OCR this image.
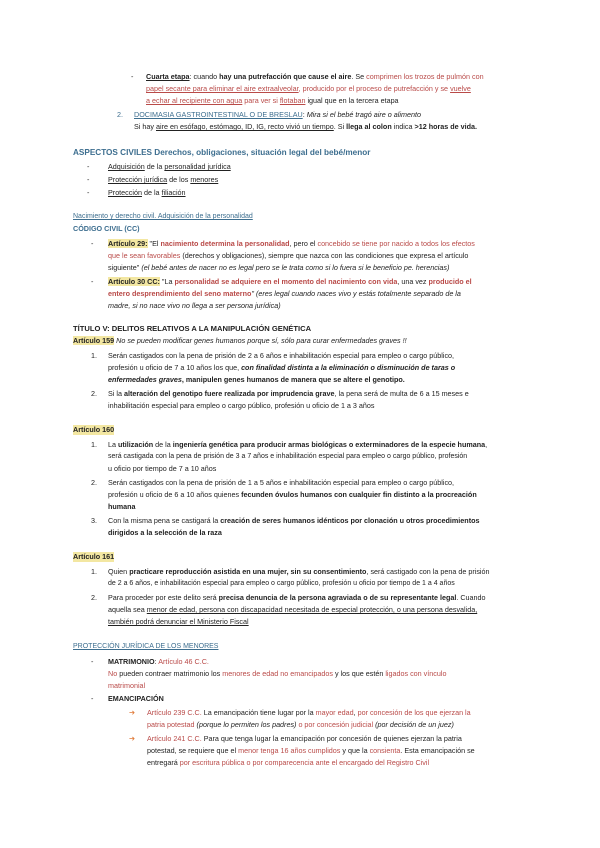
- Cuarta etapa: cuando hay una putrefacción que cause el aire. Se comprimen los trozos de pulmón con
papel secante para eliminar el aire extraalveolar, producido por el proceso de putrefacción y se vuelve
a echar al recipiente con agua para ver si flotaban igual que en la tercera etapa
2. DOCIMASIA GASTROINTESTINAL O DE BRESLAU: Mira si el bebé tragó aire o alimento
Si hay aire en esófago, estómago, ID, IG, recto vivió un tiempo. Si llega al colon indica >12 horas de vida.
ASPECTOS CIVILES Derechos, obligaciones, situación legal del bebé/menor
-	Adquisición de la personalidad jurídica
-	Protección jurídica de los menores
-	Protección de la filiación
Nacimiento y derecho civil. Adquisición de la personalidad
CÓDIGO CIVIL (CC)
- Artículo 29: "El nacimiento determina la personalidad, pero el concebido se tiene por nacido a todos los efectos
que le sean favorables (derechos y obligaciones), siempre que nazca con las condiciones que expresa el artículo
siguiente" (el bebé antes de nacer no es legal pero se le trata como si lo fuera si le beneficio pe. herencias)
- Artículo 30 CC: "La personalidad se adquiere en el momento del nacimiento con vida, una vez producido el
entero desprendimiento del seno materno" (eres legal cuando naces vivo y estás totalmente separado de la
madre, si no nace vivo no llega a ser persona jurídica)
TÍTULO V: DELITOS RELATIVOS A LA MANIPULACIÓN GENÉTICA
Artículo 159 No se pueden modificar genes humanos porque sí, sólo para curar enfermedades graves !!
1. Serán castigados con la pena de prisión de 2 a 6 años e inhabilitación especial para empleo o cargo público,
profesión u oficio de 7 a 10 años los que, con finalidad distinta a la eliminación o disminución de taras o
enfermedades graves, manipulen genes humanos de manera que se altere el genotipo.
2. Si la alteración del genotipo fuere realizada por imprudencia grave, la pena será de multa de 6 a 15 meses e
inhabilitación especial para empleo o cargo público, profesión u oficio de 1 a 3 años
Artículo 160
1. La utilización de la ingeniería genética para producir armas biológicas o exterminadores de la especie humana,
será castigada con la pena de prisión de 3 a 7 años e inhabilitación especial para empleo o cargo público, profesión
u oficio por tiempo de 7 a 10 años
2. Serán castigados con la pena de prisión de 1 a 5 años e inhabilitación especial para empleo o cargo público,
profesión u oficio de 6 a 10 años quienes fecunden óvulos humanos con cualquier fin distinto a la procreación
humana
3. Con la misma pena se castigará la creación de seres humanos idénticos por clonación u otros procedimientos
dirigidos a la selección de la raza
Artículo 161
1. Quien practicare reproducción asistida en una mujer, sin su consentimiento, será castigado con la pena de prisión
de 2 a 6 años, e inhabilitación especial para empleo o cargo público, profesión u oficio por tiempo de 1 a 4 años
2. Para proceder por este delito será precisa denuncia de la persona agraviada o de su representante legal. Cuando
aquella sea menor de edad, persona con discapacidad necesitada de especial protección, o una persona desvalida,
también podrá denunciar el Ministerio Fiscal
PROTECCIÓN JURÍDICA DE LOS MENORES
- MATRIMONIO: Artículo 46 C.C.
No pueden contraer matrimonio los menores de edad no emancipados y los que estén ligados con vínculo
matrimonial
- EMANCIPACIÓN
➔ Artículo 239 C.C. La emancipación tiene lugar por la mayor edad, por concesión de los que ejerzan la
patria potestad (porque lo permiten los padres) o por concesión judicial (por decisión de un juez)
➔ Artículo 241 C.C. Para que tenga lugar la emancipación por concesión de quienes ejerzan la patria
potestad, se requiere que el menor tenga 16 años cumplidos y que la consienta. Esta emancipación se
entregará por escritura pública o por comparecencia ante el encargado del Registro Civil
